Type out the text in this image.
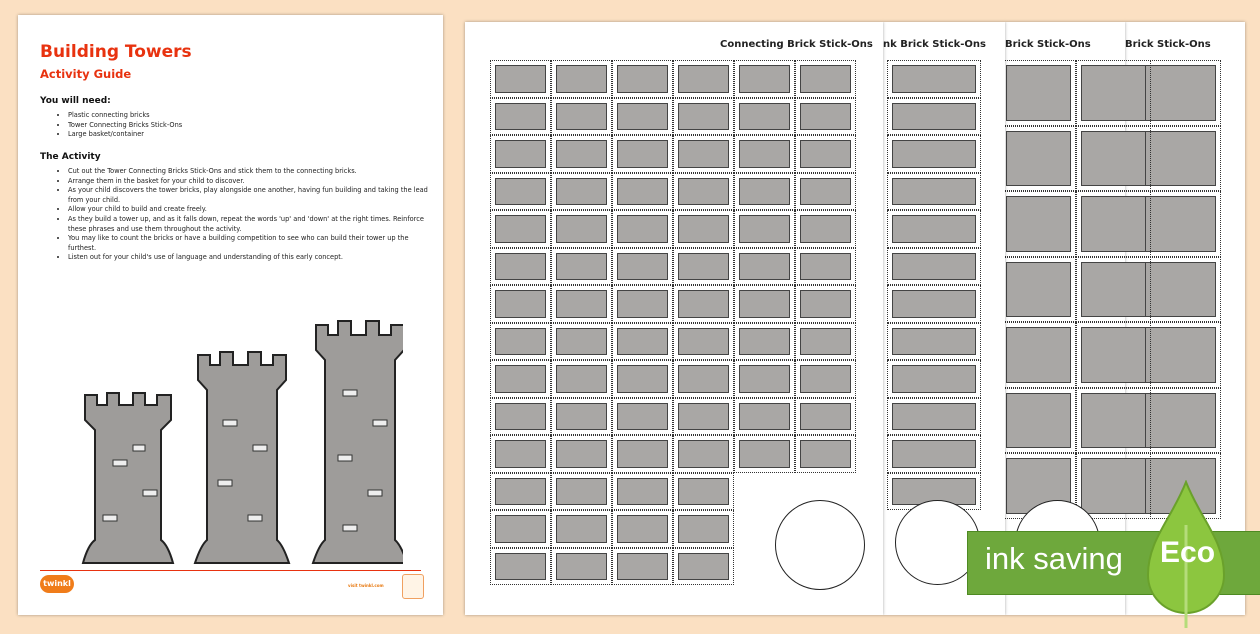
Building Towers
Activity Guide
You will need:
• Plastic connecting bricks
• Tower Connecting Bricks Stick-Ons
• Large basket/container
The Activity
• Cut out the Tower Connecting Bricks Stick-Ons and stick them to the connecting bricks.
• Arrange them in the basket for your child to discover.
• As your child discovers the tower bricks, play alongside one another, having fun building and taking the lead from your child.
• Allow your child to build and create freely.
• As they build a tower up, and as it falls down, repeat the words 'up' and 'down' at the right times. Reinforce these phrases and use them throughout the activity.
• You may like to count the bricks or have a building competition to see who can build their tower up the furthest.
• Listen out for your child's use of language and understanding of this early concept.
twinkl	visit twinkl.com
Brick Stick-Ons
Brick Stick-Ons
nk Brick Stick-Ons
Connecting Brick Stick-Ons
ink saving Eco
